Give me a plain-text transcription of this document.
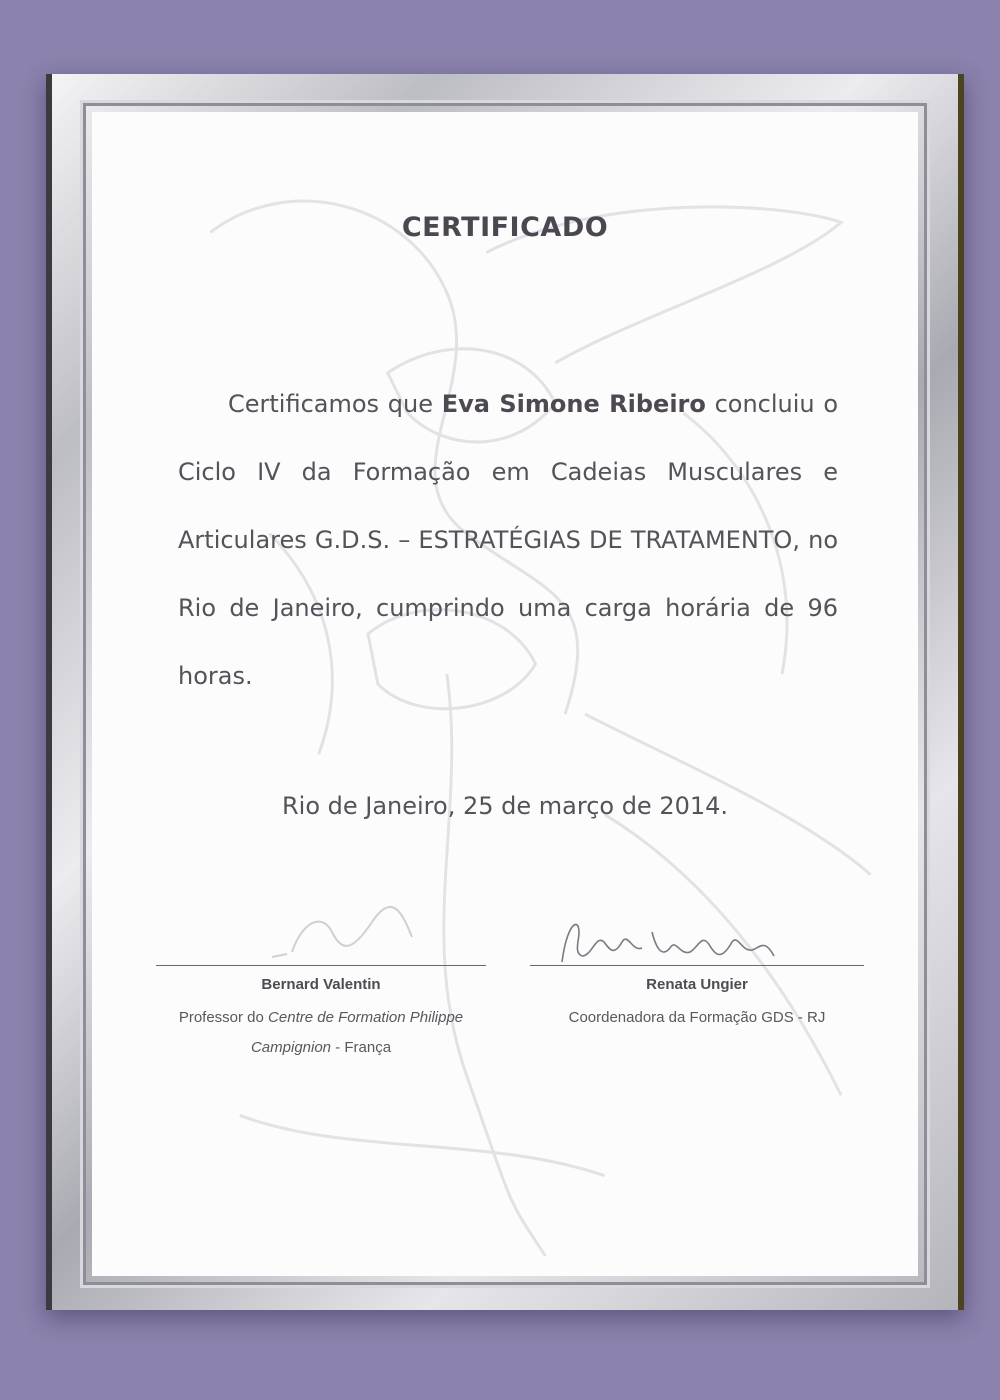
CERTIFICADO
Certificamos que Eva Simone Ribeiro concluiu o Ciclo IV da Formação em Cadeias Musculares e Articulares G.D.S. – ESTRATÉGIAS DE TRATAMENTO, no Rio de Janeiro, cumprindo uma carga horária de 96 horas.
Rio de Janeiro, 25 de março de 2014.
Bernard Valentin
Professor do Centre de Formation Philippe Campignion - França
Renata Ungier
Coordenadora da Formação GDS - RJ
